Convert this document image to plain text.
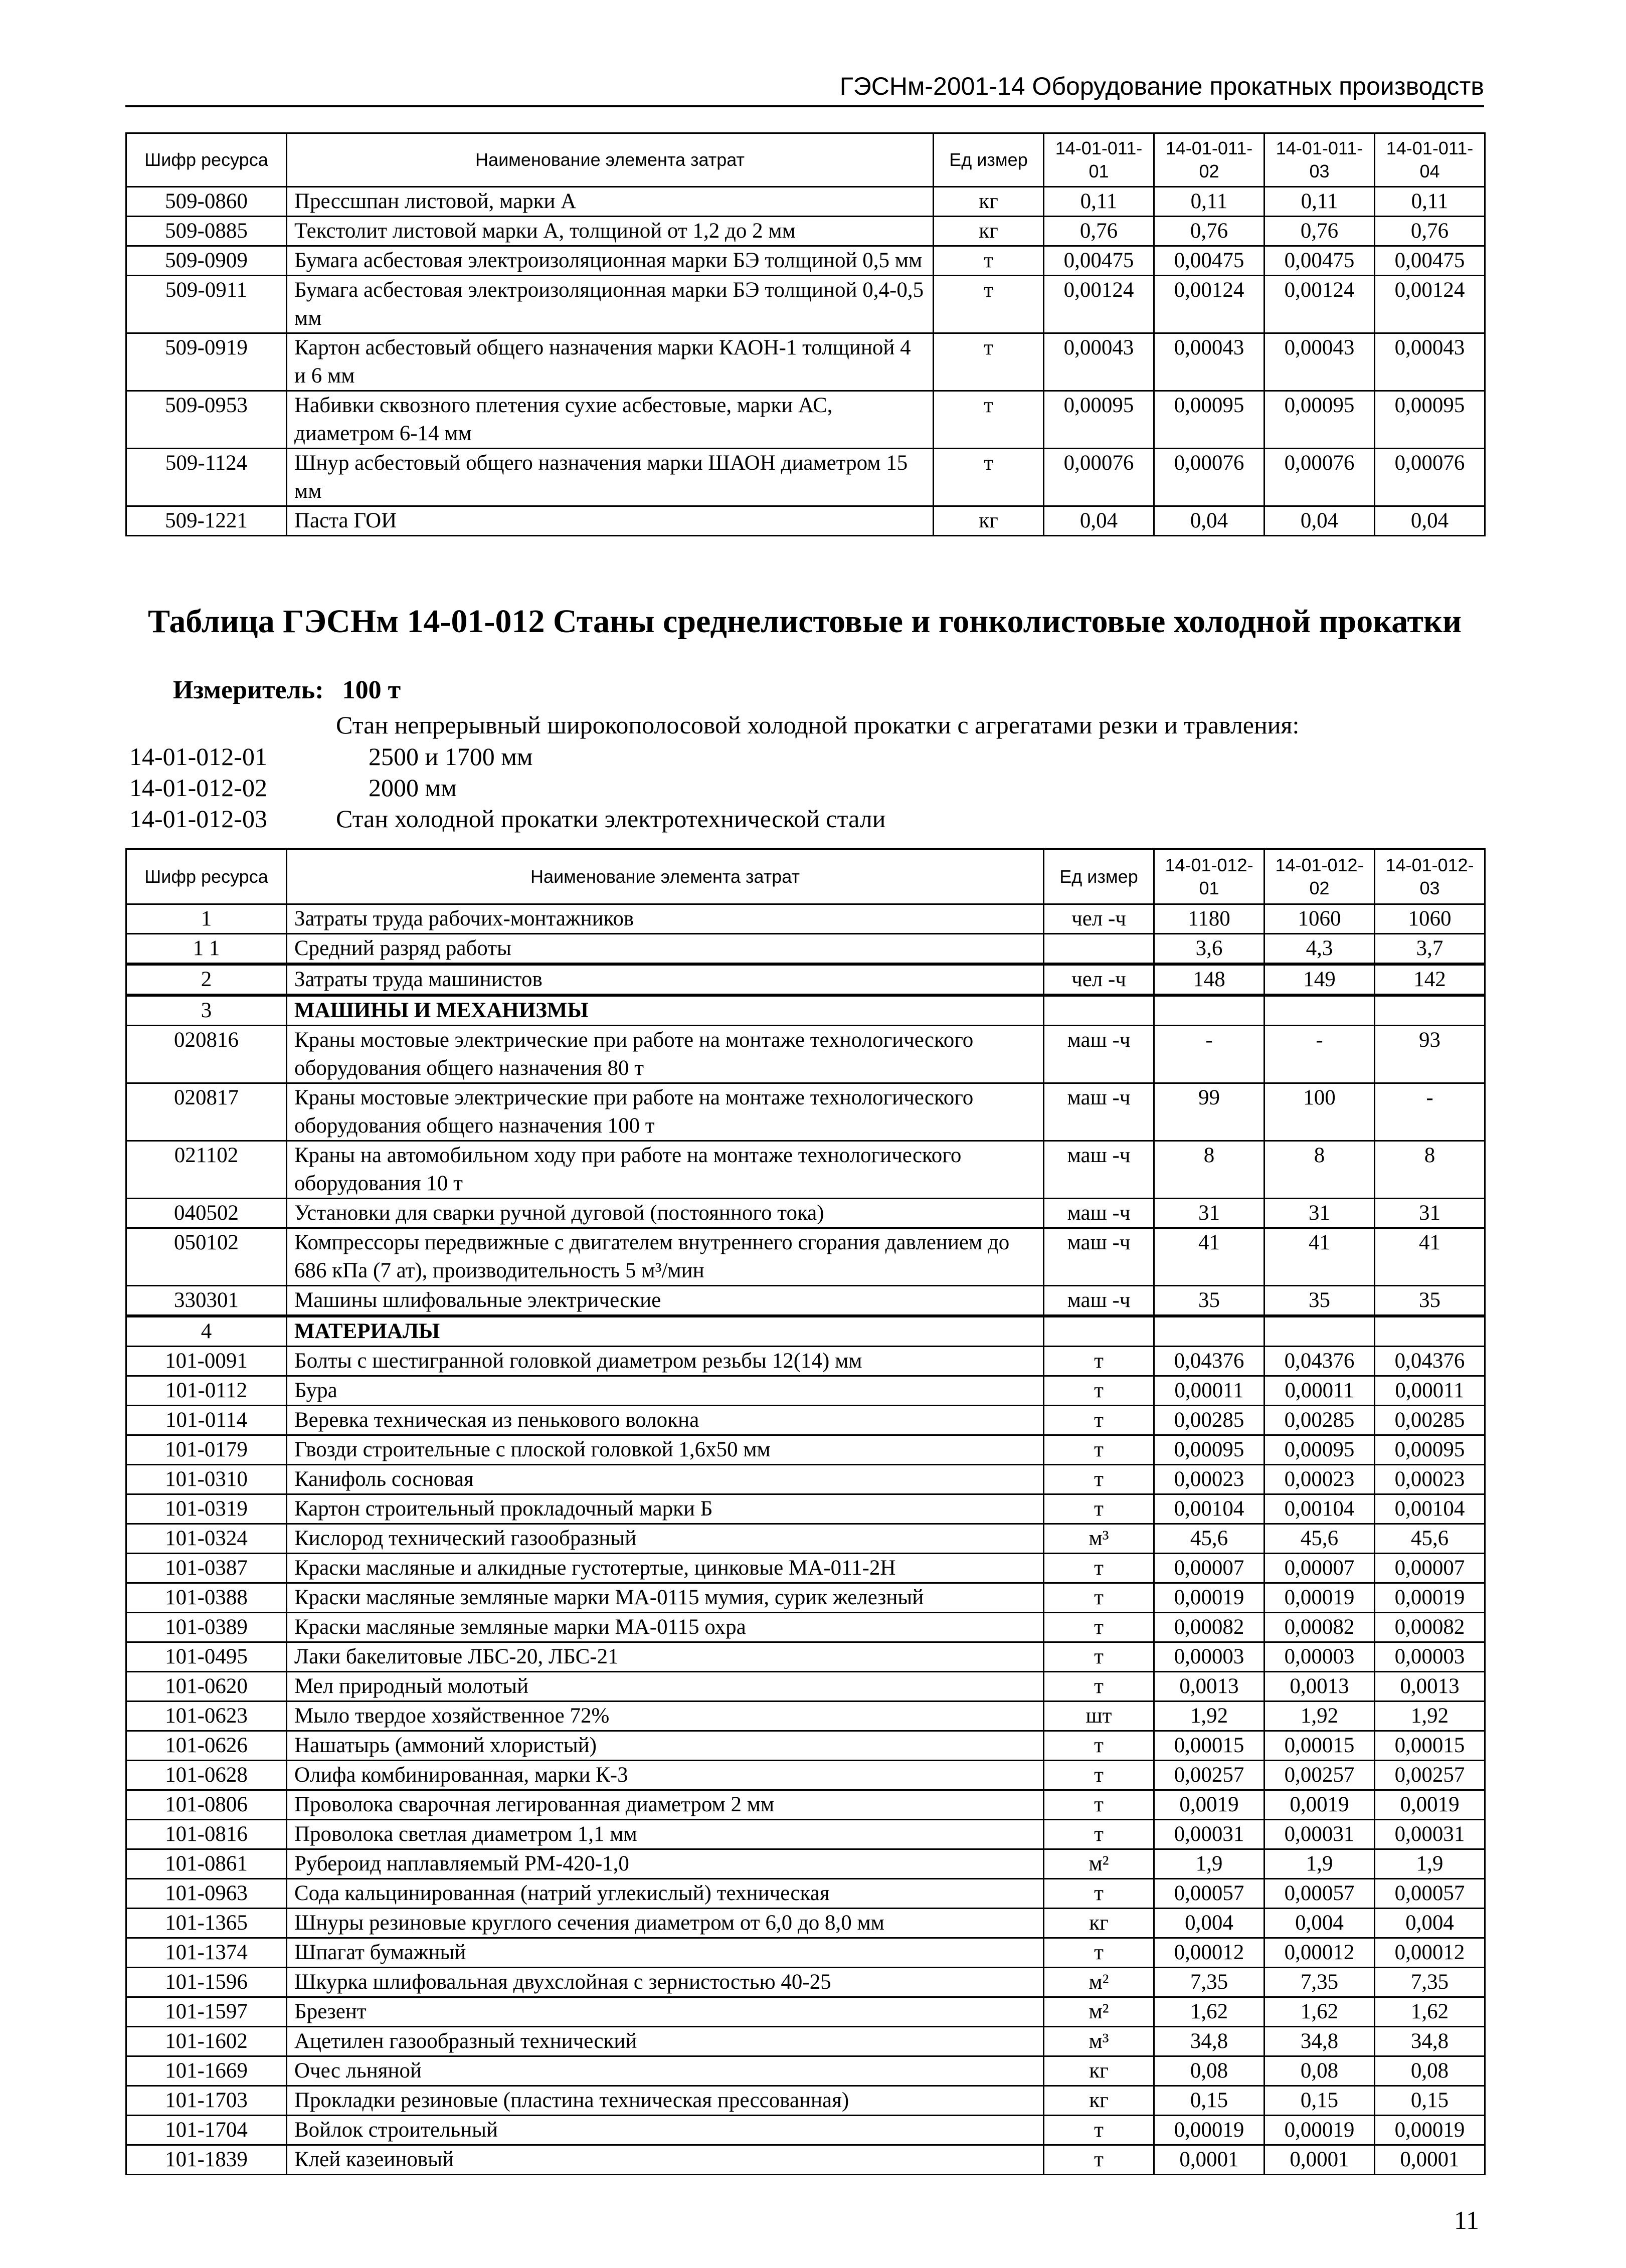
ГЭСНм-2001-14 Оборудование прокатных производств
Шифр ресурса	Наименование элемента затрат	Ед измер	14-01-011-01	14-01-011-02	14-01-011-03	14-01-011-04
509-0860	Прессшпан листовой, марки А	кг	0,11	0,11	0,11	0,11
509-0885	Текстолит листовой марки А, толщиной от 1,2 до 2 мм	кг	0,76	0,76	0,76	0,76
509-0909	Бумага асбестовая электроизоляционная марки БЭ толщиной 0,5 мм	т	0,00475	0,00475	0,00475	0,00475
509-0911	Бумага асбестовая электроизоляционная марки БЭ толщиной 0,4-0,5 мм	т	0,00124	0,00124	0,00124	0,00124
509-0919	Картон асбестовый общего назначения марки КАОН-1 толщиной 4 и 6 мм	т	0,00043	0,00043	0,00043	0,00043
509-0953	Набивки сквозного плетения сухие асбестовые, марки АС, диаметром 6-14 мм	т	0,00095	0,00095	0,00095	0,00095
509-1124	Шнур асбестовый общего назначения марки ШАОН диаметром 15 мм	т	0,00076	0,00076	0,00076	0,00076
509-1221	Паста ГОИ	кг	0,04	0,04	0,04	0,04
Таблица ГЭСНм 14-01-012 Станы среднелистовые и гонколистовые холодной прокатки
Измеритель: 100 т
Стан непрерывный широкополосовой холодной прокатки с агрегатами резки и травления:
14-01-012-01	2500 и 1700 мм
14-01-012-02	2000 мм
14-01-012-03	Стан холодной прокатки электротехнической стали
Шифр ресурса	Наименование элемента затрат	Ед измер	14-01-012-01	14-01-012-02	14-01-012-03
1	Затраты труда рабочих-монтажников	чел -ч	1180	1060	1060
1 1	Средний разряд работы		3,6	4,3	3,7
2	Затраты труда машинистов	чел -ч	148	149	142
3	МАШИНЫ И МЕХАНИЗМЫ				
020816	Краны мостовые электрические при работе на монтаже технологического оборудования общего назначения 80 т	маш -ч	-	-	93
020817	Краны мостовые электрические при работе на монтаже технологического оборудования общего назначения 100 т	маш -ч	99	100	-
021102	Краны на автомобильном ходу при работе на монтаже технологического оборудования 10 т	маш -ч	8	8	8
040502	Установки для сварки ручной дуговой (постоянного тока)	маш -ч	31	31	31
050102	Компрессоры передвижные с двигателем внутреннего сгорания давлением до 686 кПа (7 ат), производительность 5 м³/мин	маш -ч	41	41	41
330301	Машины шлифовальные электрические	маш -ч	35	35	35
4	МАТЕРИАЛЫ				
101-0091	Болты с шестигранной головкой диаметром резьбы 12(14) мм	т	0,04376	0,04376	0,04376
101-0112	Бура	т	0,00011	0,00011	0,00011
101-0114	Веревка техническая из пенькового волокна	т	0,00285	0,00285	0,00285
101-0179	Гвозди строительные с плоской головкой 1,6х50 мм	т	0,00095	0,00095	0,00095
101-0310	Канифоль сосновая	т	0,00023	0,00023	0,00023
101-0319	Картон строительный прокладочный марки Б	т	0,00104	0,00104	0,00104
101-0324	Кислород технический газообразный	м³	45,6	45,6	45,6
101-0387	Краски масляные и алкидные густотертые, цинковые МА-011-2Н	т	0,00007	0,00007	0,00007
101-0388	Краски масляные земляные марки МА-0115 мумия, сурик железный	т	0,00019	0,00019	0,00019
101-0389	Краски масляные земляные марки МА-0115 охра	т	0,00082	0,00082	0,00082
101-0495	Лаки бакелитовые ЛБС-20, ЛБС-21	т	0,00003	0,00003	0,00003
101-0620	Мел природный молотый	т	0,0013	0,0013	0,0013
101-0623	Мыло твердое хозяйственное 72%	шт	1,92	1,92	1,92
101-0626	Нашатырь (аммоний хлористый)	т	0,00015	0,00015	0,00015
101-0628	Олифа комбинированная, марки К-3	т	0,00257	0,00257	0,00257
101-0806	Проволока сварочная легированная диаметром 2 мм	т	0,0019	0,0019	0,0019
101-0816	Проволока светлая диаметром 1,1 мм	т	0,00031	0,00031	0,00031
101-0861	Рубероид наплавляемый РМ-420-1,0	м²	1,9	1,9	1,9
101-0963	Сода кальцинированная (натрий углекислый) техническая	т	0,00057	0,00057	0,00057
101-1365	Шнуры резиновые круглого сечения диаметром от 6,0 до 8,0 мм	кг	0,004	0,004	0,004
101-1374	Шпагат бумажный	т	0,00012	0,00012	0,00012
101-1596	Шкурка шлифовальная двухслойная с зернистостью 40-25	м²	7,35	7,35	7,35
101-1597	Брезент	м²	1,62	1,62	1,62
101-1602	Ацетилен газообразный технический	м³	34,8	34,8	34,8
101-1669	Очес льняной	кг	0,08	0,08	0,08
101-1703	Прокладки резиновые (пластина техническая прессованная)	кг	0,15	0,15	0,15
101-1704	Войлок строительный	т	0,00019	0,00019	0,00019
101-1839	Клей казеиновый	т	0,0001	0,0001	0,0001
11
